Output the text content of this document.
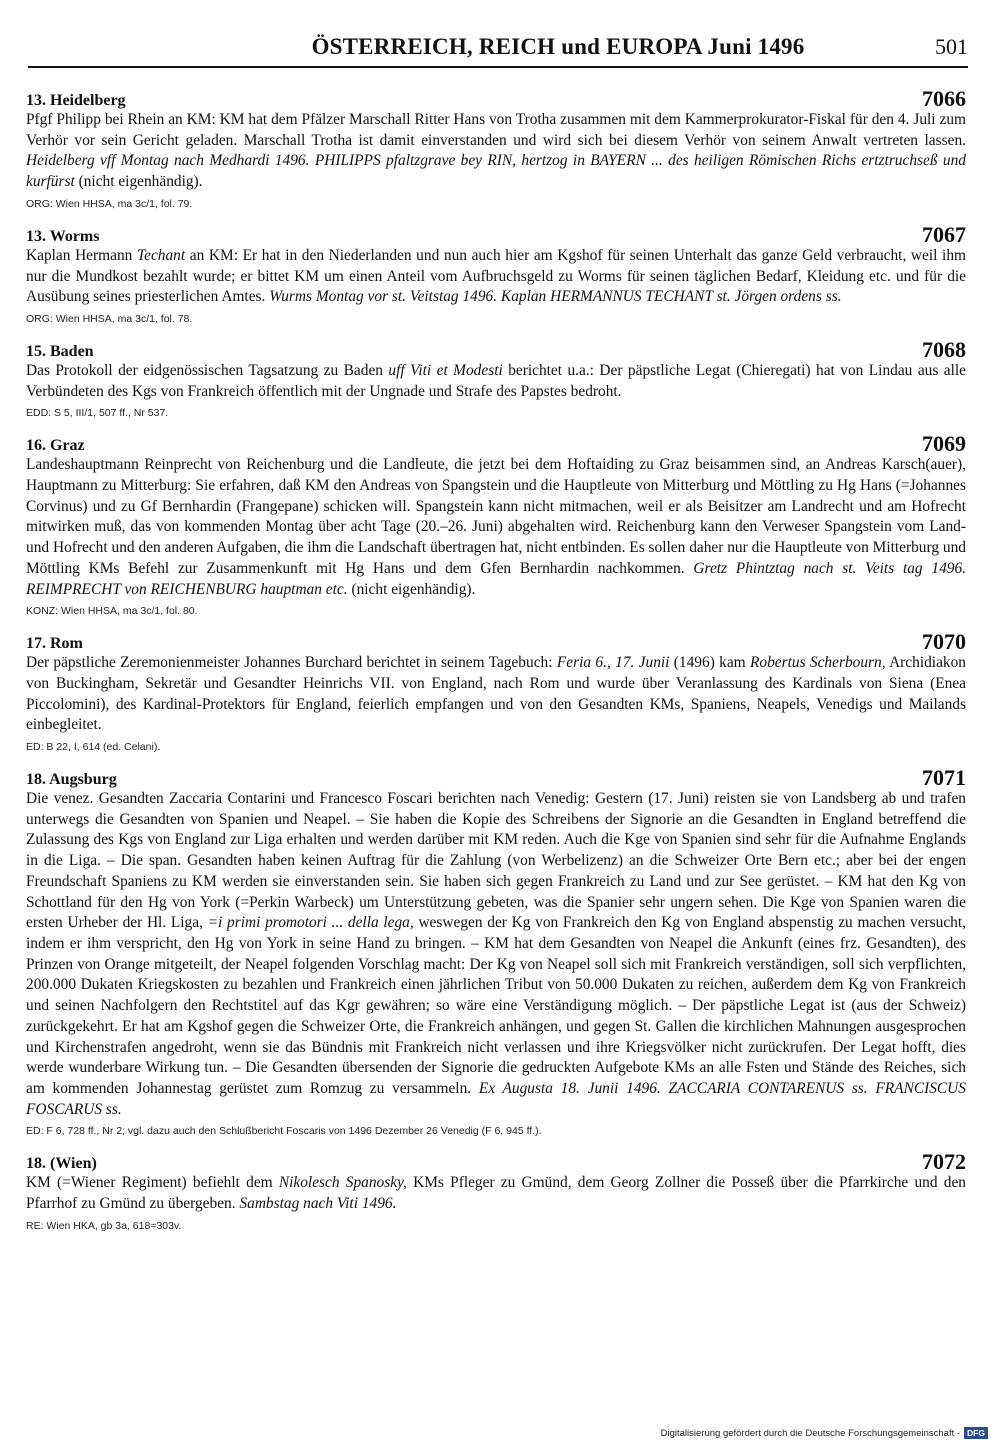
ÖSTERREICH, REICH und EUROPA Juni 1496	501
13. Heidelberg	7066
Pfgf Philipp bei Rhein an KM: KM hat dem Pfälzer Marschall Ritter Hans von Trotha zusammen mit dem Kammerprokurator-Fiskal für den 4. Juli zum Verhör vor sein Gericht geladen. Marschall Trotha ist damit einverstanden und wird sich bei diesem Verhör von seinem Anwalt vertreten lassen. Heidelberg vff Montag nach Medhardi 1496. PHILIPPS pfaltzgrave bey RIN, hertzog in BAYERN ... des heiligen Römischen Richs ertztruchseß und kurfürst (nicht eigenhändig).
ORG: Wien HHSA, ma 3c/1, fol. 79.
13. Worms	7067
Kaplan Hermann Techant an KM: Er hat in den Niederlanden und nun auch hier am Kgshof für seinen Unterhalt das ganze Geld verbraucht, weil ihm nur die Mundkost bezahlt wurde; er bittet KM um einen Anteil vom Aufbruchsgeld zu Worms für seinen täglichen Bedarf, Kleidung etc. und für die Ausübung seines priesterlichen Amtes. Wurms Montag vor st. Veitstag 1496. Kaplan HERMANNUS TECHANT st. Jörgen ordens ss.
ORG: Wien HHSA, ma 3c/1, fol. 78.
15. Baden	7068
Das Protokoll der eidgenössischen Tagsatzung zu Baden uff Viti et Modesti berichtet u.a.: Der päpstliche Legat (Chieregati) hat von Lindau aus alle Verbündeten des Kgs von Frankreich öffentlich mit der Ungnade und Strafe des Papstes bedroht.
EDD: S 5, III/1, 507 ff., Nr 537.
16. Graz	7069
Landeshauptmann Reinprecht von Reichenburg und die Landleute, die jetzt bei dem Hoftaiding zu Graz beisammen sind, an Andreas Karsch(auer), Hauptmann zu Mitterburg: Sie erfahren, daß KM den Andreas von Spangstein und die Hauptleute von Mitterburg und Möttling zu Hg Hans (=Johannes Corvinus) und zu Gf Bernhardin (Frangepane) schicken will. Spangstein kann nicht mitmachen, weil er als Beisitzer am Landrecht und am Hofrecht mitwirken muß, das von kommenden Montag über acht Tage (20.–26. Juni) abgehalten wird. Reichenburg kann den Verweser Spangstein vom Land- und Hofrecht und den anderen Aufgaben, die ihm die Landschaft übertragen hat, nicht entbinden. Es sollen daher nur die Hauptleute von Mitterburg und Möttling KMs Befehl zur Zusammenkunft mit Hg Hans und dem Gfen Bernhardin nachkommen. Gretz Phintztag nach st. Veits tag 1496. REIMPRECHT von REICHENBURG hauptman etc. (nicht eigenhändig).
KONZ: Wien HHSA, ma 3c/1, fol. 80.
17. Rom	7070
Der päpstliche Zeremonienmeister Johannes Burchard berichtet in seinem Tagebuch: Feria 6., 17. Junii (1496) kam Robertus Scherbourn, Archidiakon von Buckingham, Sekretär und Gesandter Heinrichs VII. von England, nach Rom und wurde über Veranlassung des Kardinals von Siena (Enea Piccolomini), des Kardinal-Protektors für England, feierlich empfangen und von den Gesandten KMs, Spaniens, Neapels, Venedigs und Mailands einbegleitet.
ED: B 22, I, 614 (ed. Celani).
18. Augsburg	7071
Die venez. Gesandten Zaccaria Contarini und Francesco Foscari berichten nach Venedig: Gestern (17. Juni) reisten sie von Landsberg ab und trafen unterwegs die Gesandten von Spanien und Neapel. – Sie haben die Kopie des Schreibens der Signorie an die Gesandten in England betreffend die Zulassung des Kgs von England zur Liga erhalten und werden darüber mit KM reden. Auch die Kge von Spanien sind sehr für die Aufnahme Englands in die Liga. – Die span. Gesandten haben keinen Auftrag für die Zahlung (von Werbelizenz) an die Schweizer Orte Bern etc.; aber bei der engen Freundschaft Spaniens zu KM werden sie einverstanden sein. Sie haben sich gegen Frankreich zu Land und zur See gerüstet. – KM hat den Kg von Schottland für den Hg von York (=Perkin Warbeck) um Unterstützung gebeten, was die Spanier sehr ungern sehen. Die Kge von Spanien waren die ersten Urheber der Hl. Liga, =i primi promotori ... della lega, weswegen der Kg von Frankreich den Kg von England abspenstig zu machen versucht, indem er ihm verspricht, den Hg von York in seine Hand zu bringen. – KM hat dem Gesandten von Neapel die Ankunft (eines frz. Gesandten), des Prinzen von Orange mitgeteilt, der Neapel folgenden Vorschlag macht: Der Kg von Neapel soll sich mit Frankreich verständigen, soll sich verpflichten, 200.000 Dukaten Kriegskosten zu bezahlen und Frankreich einen jährlichen Tribut von 50.000 Dukaten zu reichen, außerdem dem Kg von Frankreich und seinen Nachfolgern den Rechtstitel auf das Kgr gewähren; so wäre eine Verständigung möglich. – Der päpstliche Legat ist (aus der Schweiz) zurückgekehrt. Er hat am Kgshof gegen die Schweizer Orte, die Frankreich anhängen, und gegen St. Gallen die kirchlichen Mahnungen ausgesprochen und Kirchenstrafen angedroht, wenn sie das Bündnis mit Frankreich nicht verlassen und ihre Kriegsvölker nicht zurückrufen. Der Legat hofft, dies werde wunderbare Wirkung tun. – Die Gesandten übersenden der Signorie die gedruckten Aufgebote KMs an alle Fsten und Stände des Reiches, sich am kommenden Johannestag gerüstet zum Romzug zu versammeln. Ex Augusta 18. Junii 1496. ZACCARIA CONTARENUS ss. FRANCISCUS FOSCARUS ss.
ED: F 6, 728 ff., Nr 2; vgl. dazu auch den Schlußbericht Foscaris von 1496 Dezember 26 Venedig (F 6, 945 ff.).
18. (Wien)	7072
KM (=Wiener Regiment) befiehlt dem Nikolesch Spanosky, KMs Pfleger zu Gmünd, dem Georg Zollner die Posseß über die Pfarrkirche und den Pfarrhof zu Gmünd zu übergeben. Sambstag nach Viti 1496.
RE: Wien HKA, gb 3a, 618=303v.
Digitalisierung gefördert durch die Deutsche Forschungsgemeinschaft - DFG
